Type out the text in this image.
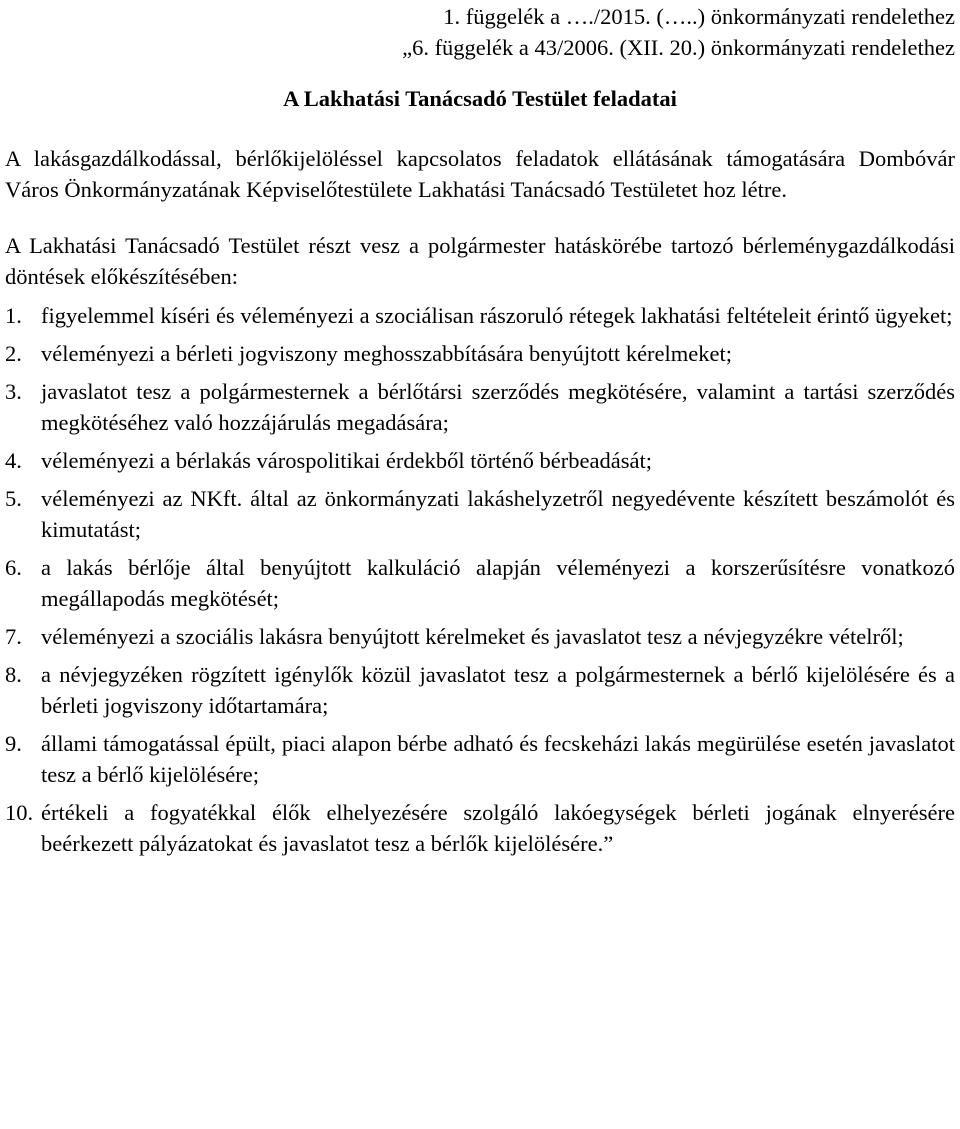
1. függelék a …./2015. (…..) önkormányzati rendelethez

„6. függelék a 43/2006. (XII. 20.) önkormányzati rendelethez

A Lakhatási Tanácsadó Testület feladatai

A lakásgazdálkodással, bérlőkijelöléssel kapcsolatos feladatok ellátásának támogatására Dombóvár Város Önkormányzatának Képviselőtestülete Lakhatási Tanácsadó Testületet hoz létre.

A Lakhatási Tanácsadó Testület részt vesz a polgármester hatáskörébe tartozó bérleménygazdálkodási döntések előkészítésében:

1. figyelemmel kíséri és véleményezi a szociálisan rászoruló rétegek lakhatási feltételeit érintő ügyeket;
2. véleményezi a bérleti jogviszony meghosszabbítására benyújtott kérelmeket;
3. javaslatot tesz a polgármesternek a bérlőtársi szerződés megkötésére, valamint a tartási szerződés megkötéséhez való hozzájárulás megadására;
4. véleményezi a bérlakás várospolitikai érdekből történő bérbeadását;
5. véleményezi az NKft. által az önkormányzati lakáshelyzetről negyedévente készített beszámolót és kimutatást;
6. a lakás bérlője által benyújtott kalkuláció alapján véleményezi a korszerűsítésre vonatkozó megállapodás megkötését;
7. véleményezi a szociális lakásra benyújtott kérelmeket és javaslatot tesz a névjegyzékre vételről;
8. a névjegyzéken rögzített igénylők közül javaslatot tesz a polgármesternek a bérlő kijelölésére és a bérleti jogviszony időtartamára;
9. állami támogatással épült, piaci alapon bérbe adható és fecskeházi lakás megürülése esetén javaslatot tesz a bérlő kijelölésére;
10. értékeli a fogyatékkal élők elhelyezésére szolgáló lakóegységek bérleti jogának elnyerésére beérkezett pályázatokat és javaslatot tesz a bérlők kijelölésére.”
